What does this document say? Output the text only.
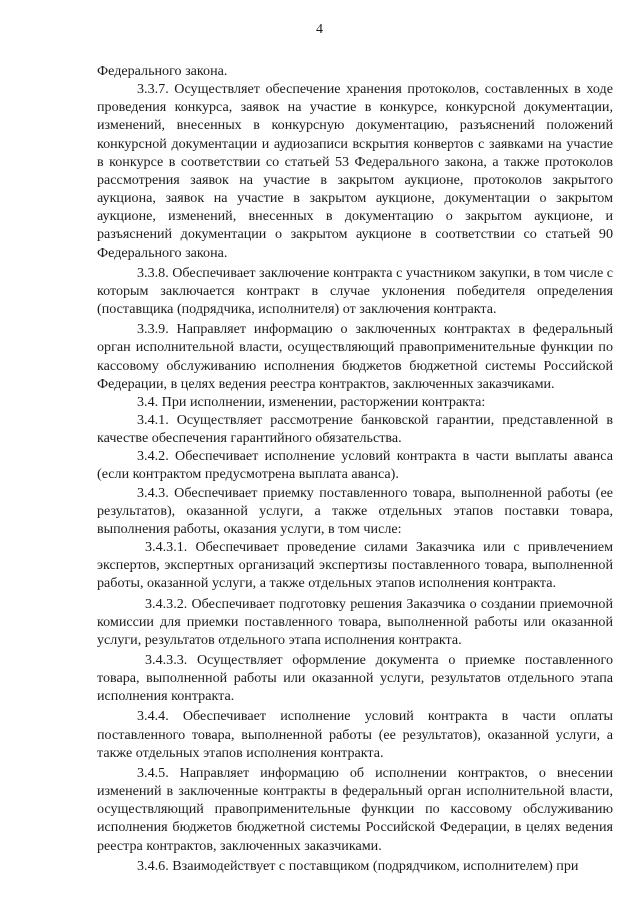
4

Федерального закона.

3.3.7. Осуществляет обеспечение хранения протоколов, составленных в ходе проведения конкурса, заявок на участие в конкурсе, конкурсной документации, изменений, внесенных в конкурсную документацию, разъяснений положений конкурсной документации и аудиозаписи вскрытия конвертов с заявками на участие в конкурсе в соответствии со статьей 53 Федерального закона, а также протоколов рассмотрения заявок на участие в закрытом аукционе, протоколов закрытого аукциона, заявок на участие в закрытом аукционе, документации о закрытом аукционе, изменений, внесенных в документацию о закрытом аукционе, и разъяснений документации о закрытом аукционе в соответствии со статьей 90 Федерального закона.

3.3.8. Обеспечивает заключение контракта с участником закупки, в том числе с которым заключается контракт в случае уклонения победителя определения (поставщика (подрядчика, исполнителя) от заключения контракта.

3.3.9. Направляет информацию о заключенных контрактах в федеральный орган исполнительной власти, осуществляющий правоприменительные функции по кассовому обслуживанию исполнения бюджетов бюджетной системы Российской Федерации, в целях ведения реестра контрактов, заключенных заказчиками.

3.4. При исполнении, изменении, расторжении контракта:

3.4.1. Осуществляет рассмотрение банковской гарантии, представленной в качестве обеспечения гарантийного обязательства.

3.4.2. Обеспечивает исполнение условий контракта в части выплаты аванса (если контрактом предусмотрена выплата аванса).

3.4.3. Обеспечивает приемку поставленного товара, выполненной работы (ее результатов), оказанной услуги, а также отдельных этапов поставки товара, выполнения работы, оказания услуги, в том числе:

3.4.3.1. Обеспечивает проведение силами Заказчика или с привлечением экспертов, экспертных организаций экспертизы поставленного товара, выполненной работы, оказанной услуги, а также отдельных этапов исполнения контракта.

3.4.3.2. Обеспечивает подготовку решения Заказчика о создании приемочной комиссии для приемки поставленного товара, выполненной работы или оказанной услуги, результатов отдельного этапа исполнения контракта.

3.4.3.3. Осуществляет оформление документа о приемке поставленного товара, выполненной работы или оказанной услуги, результатов отдельного этапа исполнения контракта.

3.4.4. Обеспечивает исполнение условий контракта в части оплаты поставленного товара, выполненной работы (ее результатов), оказанной услуги, а также отдельных этапов исполнения контракта.

3.4.5. Направляет информацию об исполнении контрактов, о внесении изменений в заключенные контракты в федеральный орган исполнительной власти, осуществляющий правоприменительные функции по кассовому обслуживанию исполнения бюджетов бюджетной системы Российской Федерации, в целях ведения реестра контрактов, заключенных заказчиками.

3.4.6. Взаимодействует с поставщиком (подрядчиком, исполнителем) при
